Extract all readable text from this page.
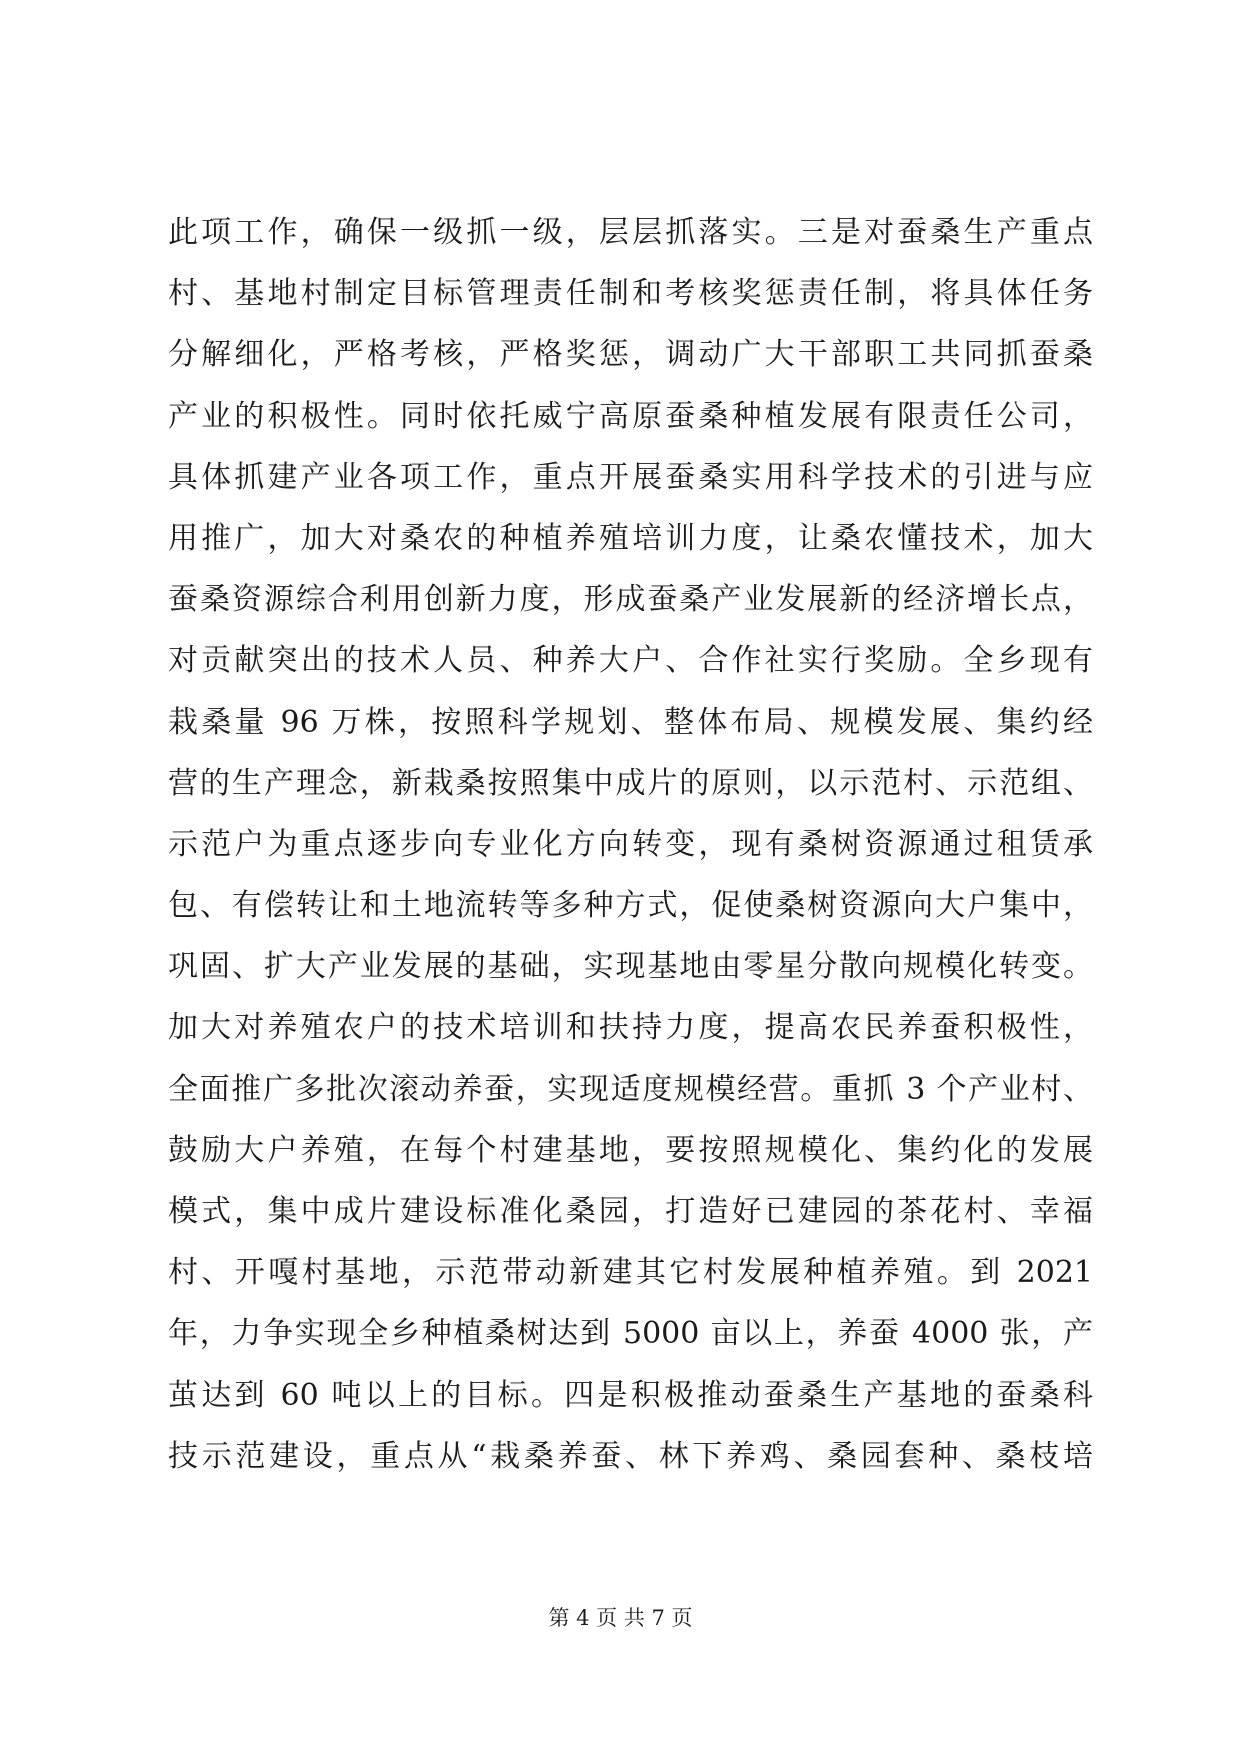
此项工作，确保一级抓一级，层层抓落实。三是对蚕桑生产重点
村、基地村制定目标管理责任制和考核奖惩责任制，将具体任务
分解细化，严格考核，严格奖惩，调动广大干部职工共同抓蚕桑
产业的积极性。同时依托威宁高原蚕桑种植发展有限责任公司，
具体抓建产业各项工作，重点开展蚕桑实用科学技术的引进与应
用推广，加大对桑农的种植养殖培训力度，让桑农懂技术，加大
蚕桑资源综合利用创新力度，形成蚕桑产业发展新的经济增长点，
对贡献突出的技术人员、种养大户、合作社实行奖励。全乡现有
栽桑量 96 万株，按照科学规划、整体布局、规模发展、集约经
营的生产理念，新栽桑按照集中成片的原则，以示范村、示范组、
示范户为重点逐步向专业化方向转变，现有桑树资源通过租赁承
包、有偿转让和土地流转等多种方式，促使桑树资源向大户集中，
巩固、扩大产业发展的基础，实现基地由零星分散向规模化转变。
加大对养殖农户的技术培训和扶持力度，提高农民养蚕积极性，
全面推广多批次滚动养蚕，实现适度规模经营。重抓 3 个产业村、
鼓励大户养殖，在每个村建基地，要按照规模化、集约化的发展
模式，集中成片建设标准化桑园，打造好已建园的茶花村、幸福
村、开嘎村基地，示范带动新建其它村发展种植养殖。到 2021
年，力争实现全乡种植桑树达到 5000 亩以上，养蚕 4000 张，产
茧达到 60 吨以上的目标。四是积极推动蚕桑生产基地的蚕桑科
技示范建设，重点从“栽桑养蚕、林下养鸡、桑园套种、桑枝培
第 4 页 共 7 页
